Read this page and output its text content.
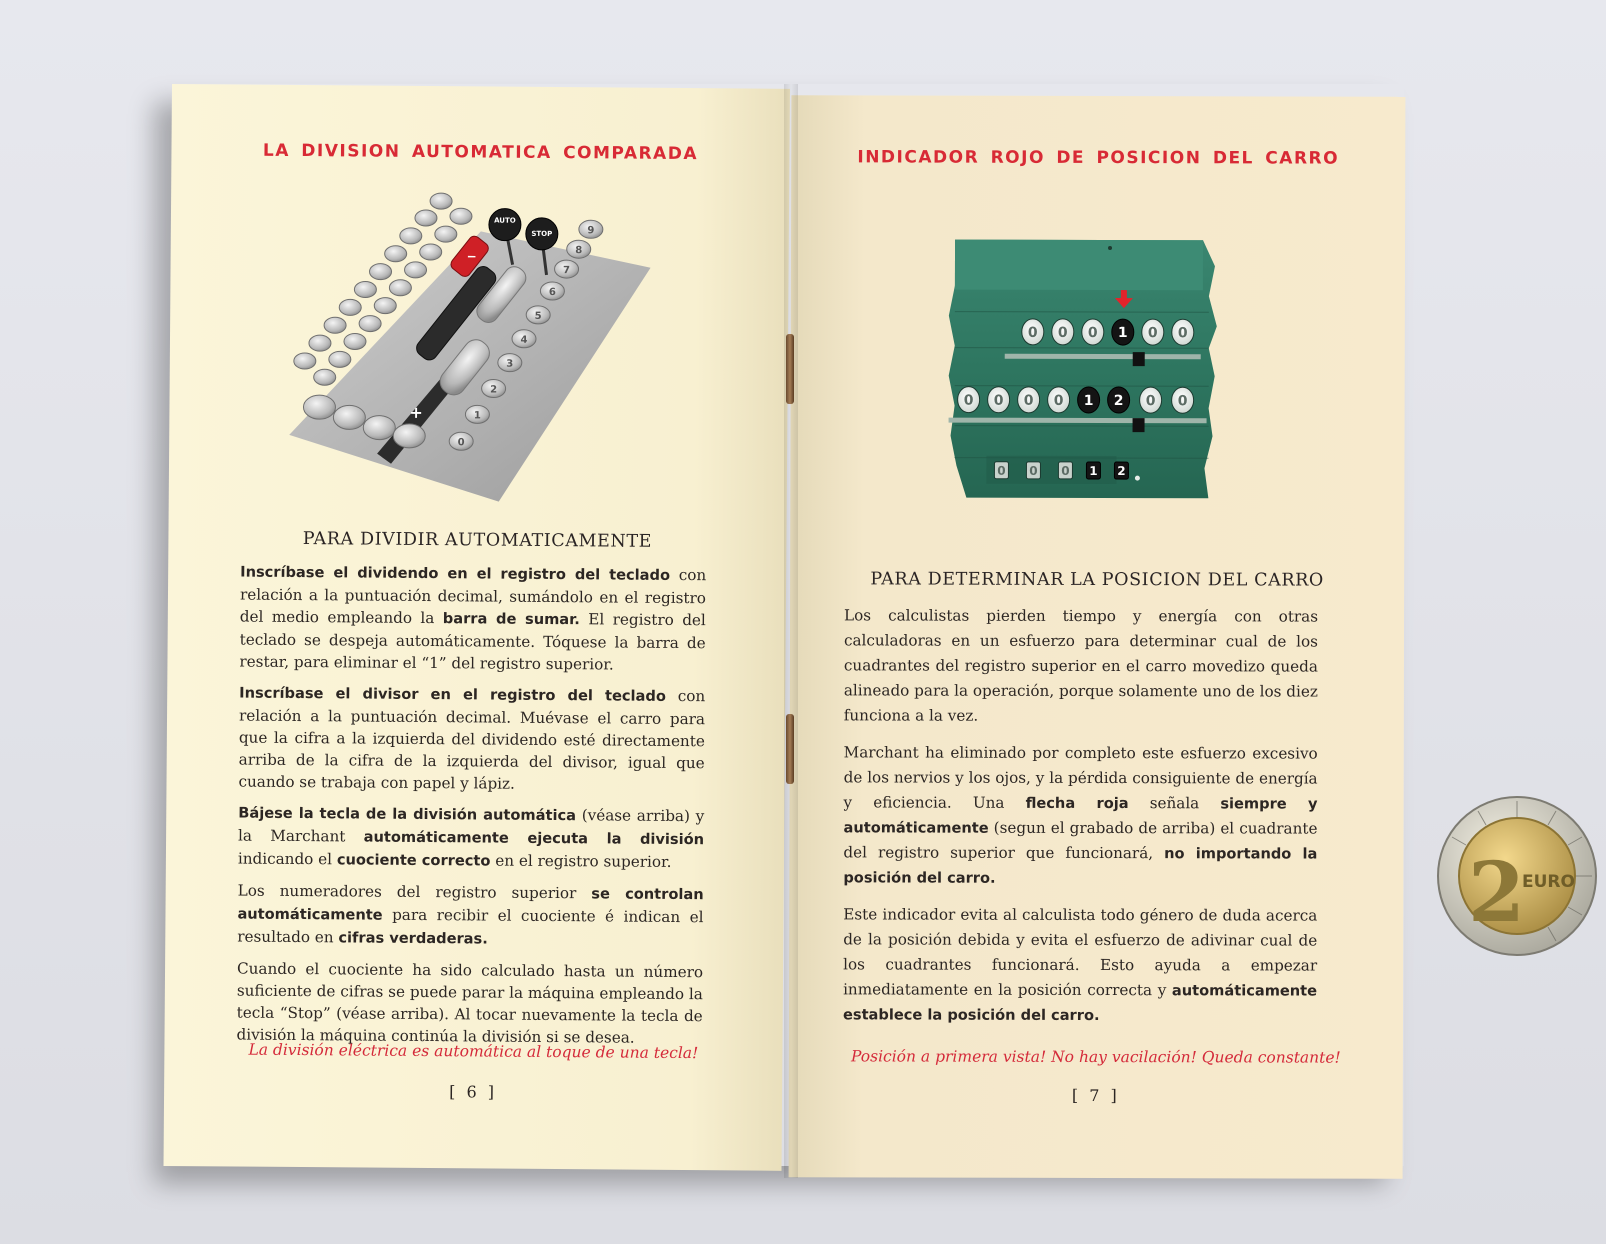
LA DIVISION AUTOMATICA COMPARADA
+
−
AUTO
STOP	9
8
7
6
5
4
3
2
1
0
PARA DIVIDIR AUTOMATICAMENTE

Inscríbase el dividendo en el registro del teclado con relación a la puntuación decimal, sumándolo en el registro del medio empleando la barra de sumar. El registro del teclado se despeja automáticamente. Tóquese la barra de restar, para eliminar el “1” del registro superior.

Inscríbase el divisor en el registro del teclado con relación a la puntuación decimal. Muévase el carro para que la cifra a la izquierda del dividendo esté directamente arriba de la cifra de la izquierda del divisor, igual que cuando se trabaja con papel y lápiz.

Bájese la tecla de la división automática (véase arriba) y la Marchant automáticamente ejecuta la división indicando el cuociente correcto en el registro superior.

Los numeradores del registro superior se controlan automáticamente para recibir el cuociente é indican el resultado en cifras verdaderas.

Cuando el cuociente ha sido calculado hasta un número suficiente de cifras se puede parar la máquina empleando la tecla “Stop” (véase arriba). Al tocar nuevamente la tecla de división la máquina continúa la división si se desea.

La división eléctrica es automática al toque de una tecla!
[ 6 ]
INDICADOR ROJO DE POSICION DEL CARRO
0 0 0 1 0 0
0 0 0 0 1 2 0 0
0 0 0 1 2
PARA DETERMINAR LA POSICION DEL CARRO

Los calculistas pierden tiempo y energía con otras calculadoras en un esfuerzo para determinar cual de los cuadrantes del registro superior en el carro movedizo queda alineado para la operación, porque solamente uno de los diez funciona a la vez.

Marchant ha eliminado por completo este esfuerzo excesivo de los nervios y los ojos, y la pérdida consiguiente de energía y eficiencia. Una flecha roja señala siempre y automáticamente (segun el grabado de arriba) el cuadrante del registro superior que funcionará, no importando la posición del carro.

Este indicador evita al calculista todo género de duda acerca de la posición debida y evita el esfuerzo de adivinar cual de los cuadrantes funcionará. Esto ayuda a empezar inmediatamente en la posición correcta y automáticamente establece la posición del carro.

Posición a primera vista! No hay vacilación! Queda constante!
[ 7 ]
2
EURO
